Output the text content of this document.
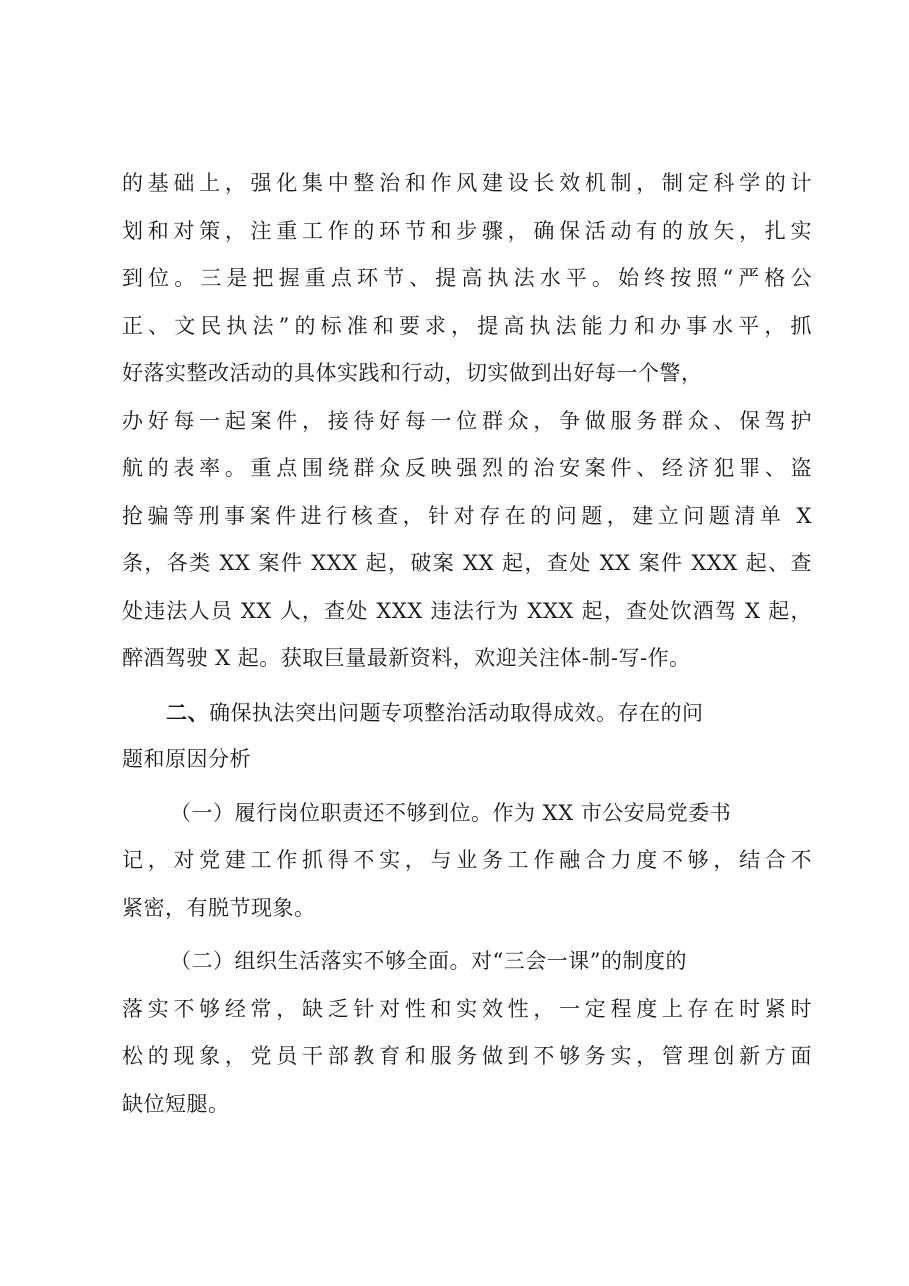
的基础上，强化集中整治和作风建设长效机制，制定科学的计
划和对策，注重工作的环节和步骤，确保活动有的放矢，扎实
到位。三是把握重点环节、提高执法水平。始终按照“严格公
正、文民执法”的标准和要求，提高执法能力和办事水平，抓
好落实整改活动的具体实践和行动，切实做到出好每一个警，
办好每一起案件，接待好每一位群众，争做服务群众、保驾护
航的表率。重点围绕群众反映强烈的治安案件、经济犯罪、盗
抢骗等刑事案件进行核查，针对存在的问题，建立问题清单 X
条，各类 XX 案件 XXX 起，破案 XX 起，查处 XX 案件 XXX 起、查
处违法人员 XX 人，查处 XXX 违法行为 XXX 起，查处饮酒驾 X 起，
醉酒驾驶 X 起。获取巨量最新资料，欢迎关注体-制-写-作。
二、确保执法突出问题专项整治活动取得成效。存在的问
题和原因分析
（一）履行岗位职责还不够到位。作为 XX 市公安局党委书
记，对党建工作抓得不实，与业务工作融合力度不够，结合不
紧密，有脱节现象。
（二）组织生活落实不够全面。对“三会一课”的制度的
落实不够经常，缺乏针对性和实效性，一定程度上存在时紧时
松的现象，党员干部教育和服务做到不够务实，管理创新方面
缺位短腿。
